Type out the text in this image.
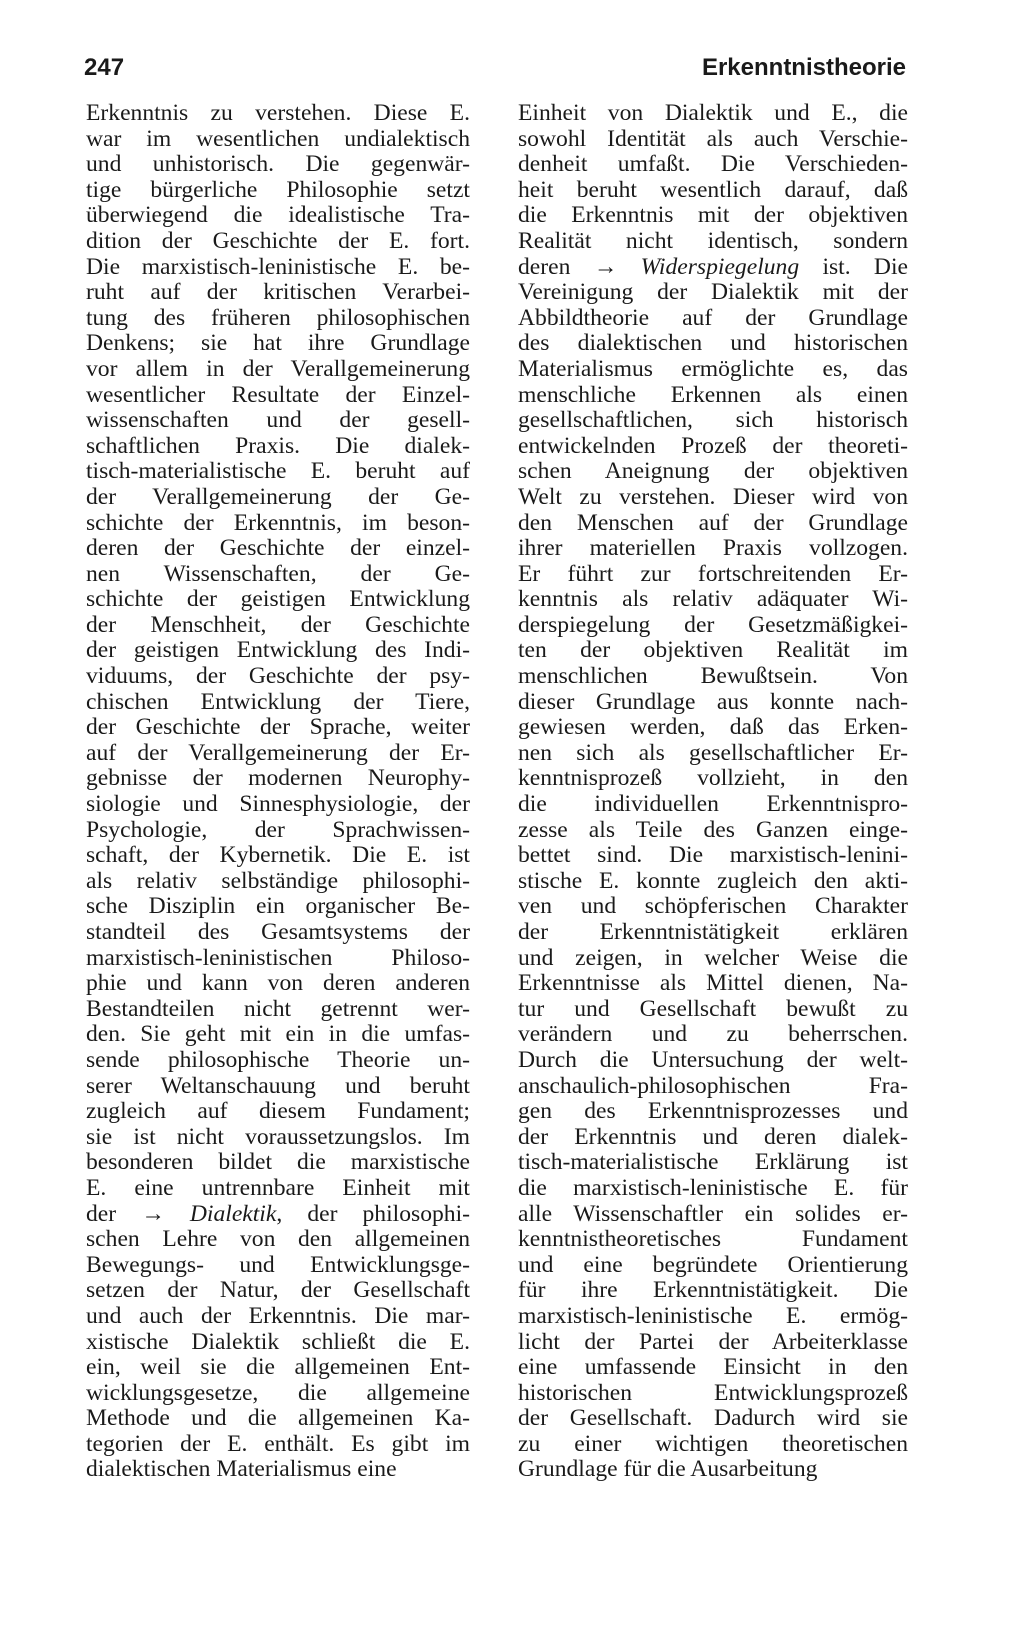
247	Erkenntnistheorie
Erkenntnis zu verstehen. Diese E.
war im wesentlichen undialektisch
und unhistorisch. Die gegenwär-
tige bürgerliche Philosophie setzt
überwiegend die idealistische Tra-
dition der Geschichte der E. fort.
Die marxistisch-leninistische E. be-
ruht auf der kritischen Verarbei-
tung des früheren philosophischen
Denkens; sie hat ihre Grundlage
vor allem in der Verallgemeinerung
wesentlicher Resultate der Einzel-
wissenschaften und der gesell-
schaftlichen Praxis. Die dialek-
tisch-materialistische E. beruht auf
der Verallgemeinerung der Ge-
schichte der Erkenntnis, im beson-
deren der Geschichte der einzel-
nen Wissenschaften, der Ge-
schichte der geistigen Entwicklung
der Menschheit, der Geschichte
der geistigen Entwicklung des Indi-
viduums, der Geschichte der psy-
chischen Entwicklung der Tiere,
der Geschichte der Sprache, weiter
auf der Verallgemeinerung der Er-
gebnisse der modernen Neurophy-
siologie und Sinnesphysiologie, der
Psychologie, der Sprachwissen-
schaft, der Kybernetik. Die E. ist
als relativ selbständige philosophi-
sche Disziplin ein organischer Be-
standteil des Gesamtsystems der
marxistisch-leninistischen Philoso-
phie und kann von deren anderen
Bestandteilen nicht getrennt wer-
den. Sie geht mit ein in die umfas-
sende philosophische Theorie un-
serer Weltanschauung und beruht
zugleich auf diesem Fundament;
sie ist nicht voraussetzungslos. Im
besonderen bildet die marxistische
E. eine untrennbare Einheit mit
der → Dialektik, der philosophi-
schen Lehre von den allgemeinen
Bewegungs- und Entwicklungsge-
setzen der Natur, der Gesellschaft
und auch der Erkenntnis. Die mar-
xistische Dialektik schließt die E.
ein, weil sie die allgemeinen Ent-
wicklungsgesetze, die allgemeine
Methode und die allgemeinen Ka-
tegorien der E. enthält. Es gibt im
dialektischen Materialismus eine
Einheit von Dialektik und E., die
sowohl Identität als auch Verschie-
denheit umfaßt. Die Verschieden-
heit beruht wesentlich darauf, daß
die Erkenntnis mit der objektiven
Realität nicht identisch, sondern
deren → Widerspiegelung ist. Die
Vereinigung der Dialektik mit der
Abbildtheorie auf der Grundlage
des dialektischen und historischen
Materialismus ermöglichte es, das
menschliche Erkennen als einen
gesellschaftlichen, sich historisch
entwickelnden Prozeß der theoreti-
schen Aneignung der objektiven
Welt zu verstehen. Dieser wird von
den Menschen auf der Grundlage
ihrer materiellen Praxis vollzogen.
Er führt zur fortschreitenden Er-
kenntnis als relativ adäquater Wi-
derspiegelung der Gesetzmäßigkei-
ten der objektiven Realität im
menschlichen Bewußtsein. Von
dieser Grundlage aus konnte nach-
gewiesen werden, daß das Erken-
nen sich als gesellschaftlicher Er-
kenntnisprozeß vollzieht, in den
die individuellen Erkenntnispro-
zesse als Teile des Ganzen einge-
bettet sind. Die marxistisch-lenini-
stische E. konnte zugleich den akti-
ven und schöpferischen Charakter
der Erkenntnistätigkeit erklären
und zeigen, in welcher Weise die
Erkenntnisse als Mittel dienen, Na-
tur und Gesellschaft bewußt zu
verändern und zu beherrschen.
Durch die Untersuchung der welt-
anschaulich-philosophischen Fra-
gen des Erkenntnisprozesses und
der Erkenntnis und deren dialek-
tisch-materialistische Erklärung ist
die marxistisch-leninistische E. für
alle Wissenschaftler ein solides er-
kenntnistheoretisches Fundament
und eine begründete Orientierung
für ihre Erkenntnistätigkeit. Die
marxistisch-leninistische E. ermög-
licht der Partei der Arbeiterklasse
eine umfassende Einsicht in den
historischen Entwicklungsprozeß
der Gesellschaft. Dadurch wird sie
zu einer wichtigen theoretischen
Grundlage für die Ausarbeitung
